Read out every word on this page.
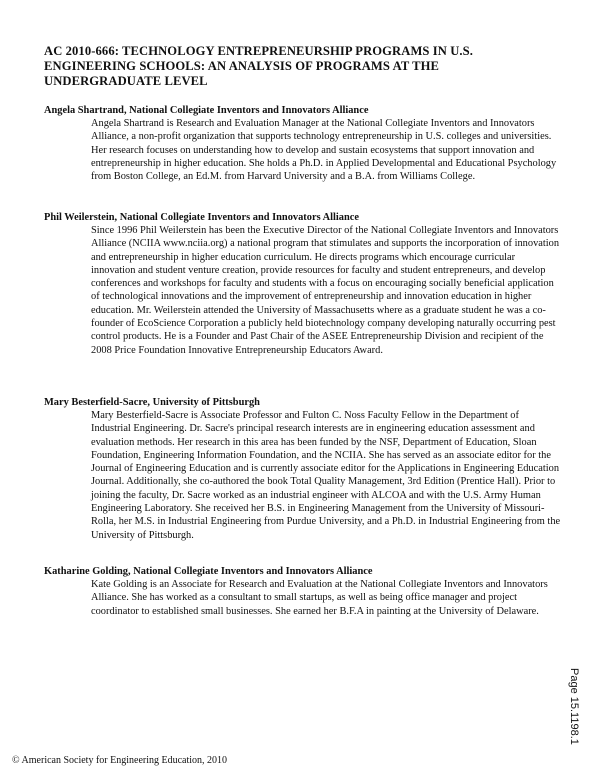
AC 2010-666: TECHNOLOGY ENTREPRENEURSHIP PROGRAMS IN U.S. ENGINEERING SCHOOLS: AN ANALYSIS OF PROGRAMS AT THE UNDERGRADUATE LEVEL

Angela Shartrand, National Collegiate Inventors and Innovators Alliance

Angela Shartrand is Research and Evaluation Manager at the National Collegiate Inventors and Innovators Alliance, a non-profit organization that supports technology entrepreneurship in U.S. colleges and universities. Her research focuses on understanding how to develop and sustain ecosystems that support innovation and entrepreneurship in higher education. She holds a Ph.D. in Applied Developmental and Educational Psychology from Boston College, an Ed.M. from Harvard University and a B.A. from Williams College.

Phil Weilerstein, National Collegiate Inventors and Innovators Alliance

Since 1996 Phil Weilerstein has been the Executive Director of the National Collegiate Inventors and Innovators Alliance (NCIIA www.nciia.org) a national program that stimulates and supports the incorporation of innovation and entrepreneurship in higher education curriculum. He directs programs which encourage curricular innovation and student venture creation, provide resources for faculty and student entrepreneurs, and develop conferences and workshops for faculty and students with a focus on encouraging socially beneficial application of technological innovations and the improvement of entrepreneurship and innovation education in higher education. Mr. Weilerstein attended the University of Massachusetts where as a graduate student he was a co-founder of EcoScience Corporation a publicly held biotechnology company developing naturally occurring pest control products. He is a Founder and Past Chair of the ASEE Entrepreneurship Division and recipient of the 2008 Price Foundation Innovative Entrepreneurship Educators Award.

Mary Besterfield-Sacre, University of Pittsburgh

Mary Besterfield-Sacre is Associate Professor and Fulton C. Noss Faculty Fellow in the Department of Industrial Engineering. Dr. Sacre's principal research interests are in engineering education assessment and evaluation methods. Her research in this area has been funded by the NSF, Department of Education, Sloan Foundation, Engineering Information Foundation, and the NCIIA. She has served as an associate editor for the Journal of Engineering Education and is currently associate editor for the Applications in Engineering Education Journal. Additionally, she co-authored the book Total Quality Management, 3rd Edition (Prentice Hall). Prior to joining the faculty, Dr. Sacre worked as an industrial engineer with ALCOA and with the U.S. Army Human Engineering Laboratory. She received her B.S. in Engineering Management from the University of Missouri-Rolla, her M.S. in Industrial Engineering from Purdue University, and a Ph.D. in Industrial Engineering from the University of Pittsburgh.

Katharine Golding, National Collegiate Inventors and Innovators Alliance

Kate Golding is an Associate for Research and Evaluation at the National Collegiate Inventors and Innovators Alliance. She has worked as a consultant to small startups, as well as being office manager and project coordinator to established small businesses. She earned her B.F.A in painting at the University of Delaware.

© American Society for Engineering Education, 2010

Page 15.1198.1
